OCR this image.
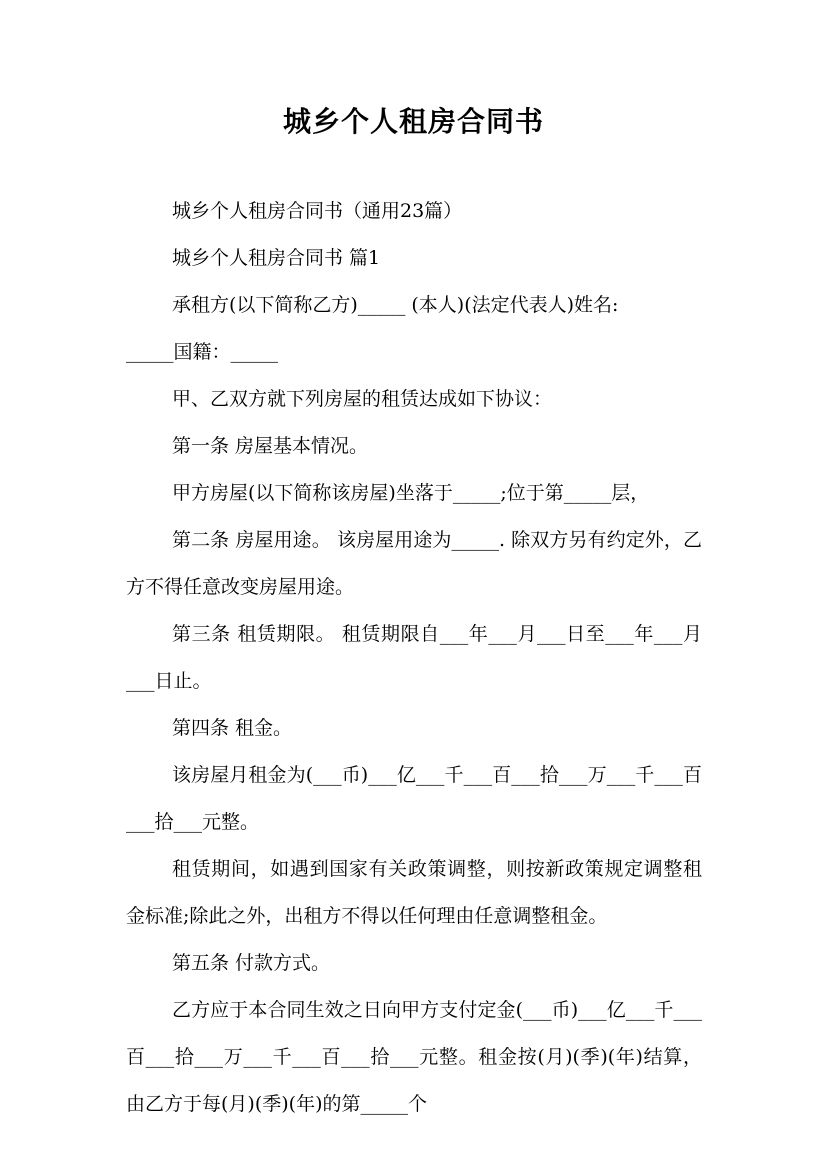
城乡个人租房合同书

城乡个人租房合同书（通用23篇）

城乡个人租房合同书 篇1

承租方(以下简称乙方)_____ (本人)(法定代表人)姓名:

_____国籍：_____

甲、乙双方就下列房屋的租赁达成如下协议：

第一条 房屋基本情况。

甲方房屋(以下简称该房屋)坐落于_____;位于第_____层，

第二条 房屋用途。 该房屋用途为_____. 除双方另有约定外，乙方不得任意改变房屋用途。

第三条 租赁期限。 租赁期限自___年___月___日至___年___月___日止。

第四条 租金。

该房屋月租金为(___币)___亿___千___百___拾___万___千___百___拾___元整。

租赁期间，如遇到国家有关政策调整，则按新政策规定调整租金标准;除此之外，出租方不得以任何理由任意调整租金。

第五条 付款方式。

乙方应于本合同生效之日向甲方支付定金(___币)___亿___千___百___拾___万___千___百___拾___元整。租金按(月)(季)(年)结算，由乙方于每(月)(季)(年)的第_____个
